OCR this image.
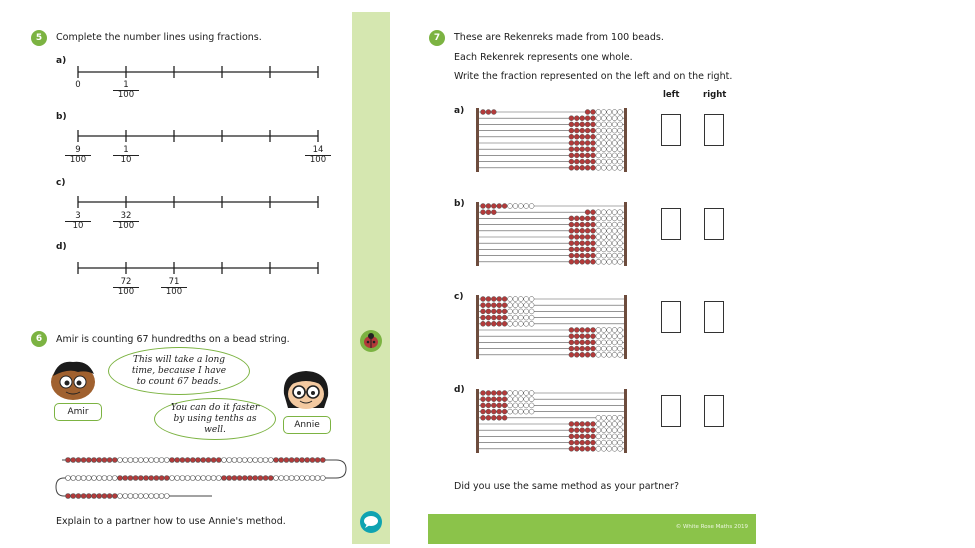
5	Complete the number lines using fractions.
a)
b)
c)
d)
0	$\frac{1}{100}$
$\frac{9}{100}$	$\frac{1}{10}$	$\frac{14}{100}$
$\frac{3}{10}$	$\frac{32}{100}$
$\frac{72}{100}$	$\frac{71}{100}$
6	Amir is counting 67 hundredths on a bead string.
Amir
This will take a long time, because I have to count 67 beads.
Annie
You can do it faster by using tenths as well.
Explain to a partner how to use Annie's method.	© White Rose Maths 2019
7	These are Rekenreks made from 100 beads.
Each Rekenrek represents one whole.
Write the fraction represented on the left and on the right.
left	right
a)
b)
c)
d)
Did you use the same method as your partner?
